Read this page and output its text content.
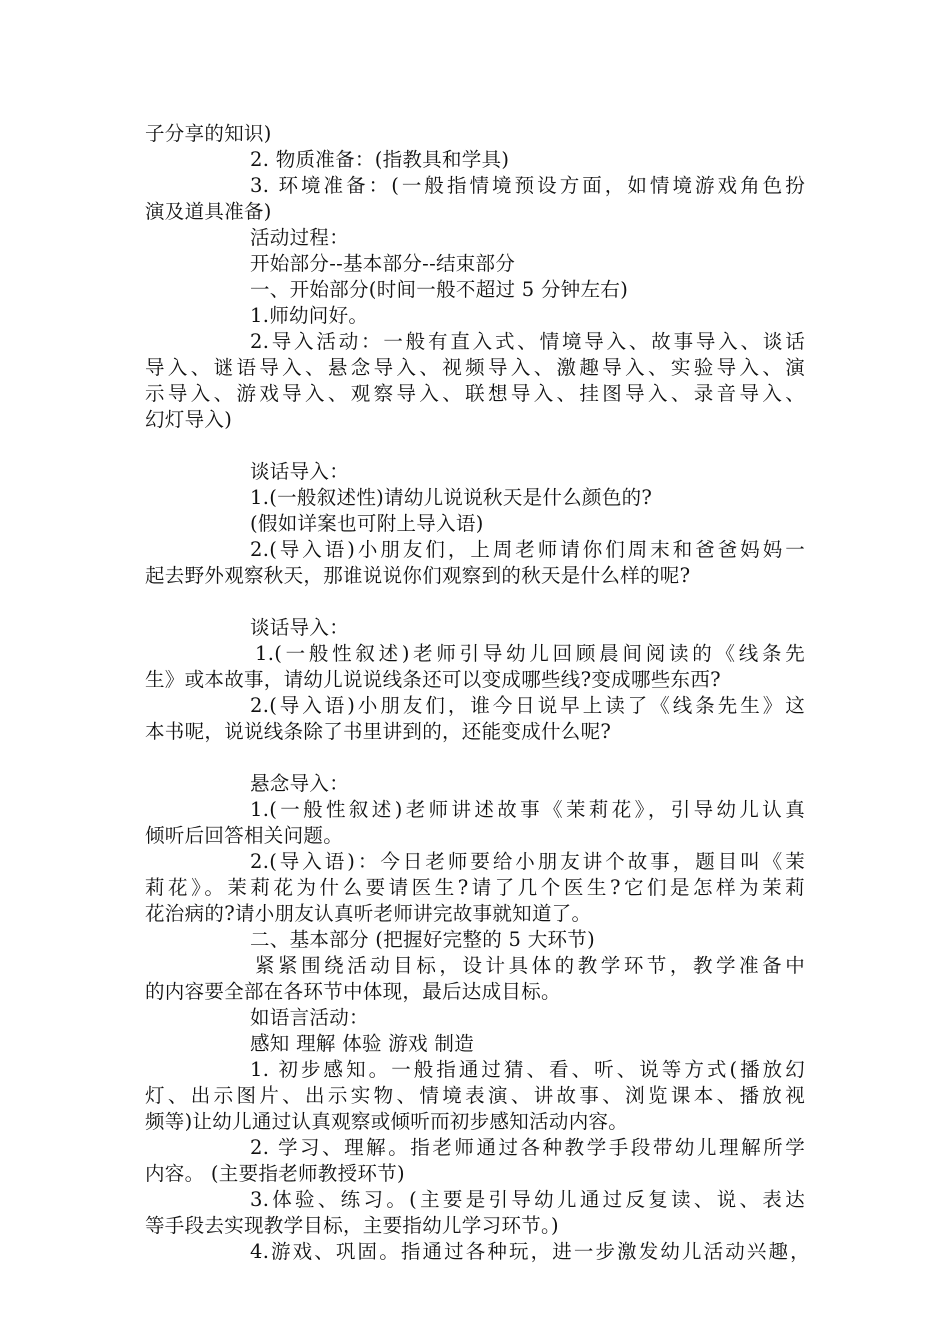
子分享的知识)
2. 物质准备：(指教具和学具)
3. 环境准备：(一般指情境预设方面，如情境游戏角色扮
演及道具准备)
活动过程：
开始部分--基本部分--结束部分
一、开始部分(时间一般不超过 5 分钟左右)
1.师幼问好。
2.导入活动：一般有直入式、情境导入、故事导入、谈话
导入、谜语导入、悬念导入、视频导入、激趣导入、实验导入、演
示导入、游戏导入、观察导入、联想导入、挂图导入、录音导入、
幻灯导入)
谈话导入：
1.(一般叙述性)请幼儿说说秋天是什么颜色的?
(假如详案也可附上导入语)
2.(导入语)小朋友们，上周老师请你们周末和爸爸妈妈一
起去野外观察秋天，那谁说说你们观察到的秋天是什么样的呢?
谈话导入：
1.(一般性叙述)老师引导幼儿回顾晨间阅读的《线条先
生》或本故事，请幼儿说说线条还可以变成哪些线?变成哪些东西?
2.(导入语)小朋友们，谁今日说早上读了《线条先生》这
本书呢，说说线条除了书里讲到的，还能变成什么呢?
悬念导入：
1.(一般性叙述)老师讲述故事《茉莉花》，引导幼儿认真
倾听后回答相关问题。
2.(导入语)：今日老师要给小朋友讲个故事，题目叫《茉
莉花》。茉莉花为什么要请医生?请了几个医生?它们是怎样为茉莉
花治病的?请小朋友认真听老师讲完故事就知道了。
二、基本部分 (把握好完整的 5 大环节)
紧紧围绕活动目标，设计具体的教学环节，教学准备中
的内容要全部在各环节中体现，最后达成目标。
如语言活动：
感知 理解 体验 游戏 制造
1. 初步感知。一般指通过猜、看、听、说等方式(播放幻
灯、出示图片、出示实物、情境表演、讲故事、浏览课本、播放视
频等)让幼儿通过认真观察或倾听而初步感知活动内容。
2. 学习、理解。指老师通过各种教学手段带幼儿理解所学
内容。 (主要指老师教授环节)
3.体验、练习。(主要是引导幼儿通过反复读、说、表达
等手段去实现教学目标，主要指幼儿学习环节。)
4.游戏、巩固。指通过各种玩，进一步激发幼儿活动兴趣，
